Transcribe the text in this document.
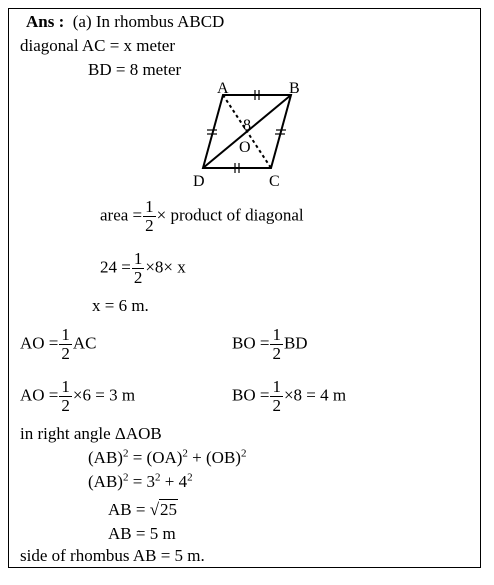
Ans : (a) In rhombus ABCD
diagonal AC = x meter
BD = 8 meter
A	B
C
D
O
8
area = $\frac{1}{2}$ × product of diagonal
$24 = \frac{1}{2} \times 8\times x$
x = 6 m.
AO = $\frac{1}{2}$ AC	BO = $\frac{1}{2}$ BD
AO = $\frac{1}{2} \times 6 = 3$ m	BO = $\frac{1}{2} \times 8 = 4$ m
in right angle ΔAOB
(AB)$^2$ = (OA)$^2$ + (OB)$^2$
$(AB)^2 = 3^2 + 4^2$
AB = √25
AB = 5 m
side of rhombus AB = 5 m.
